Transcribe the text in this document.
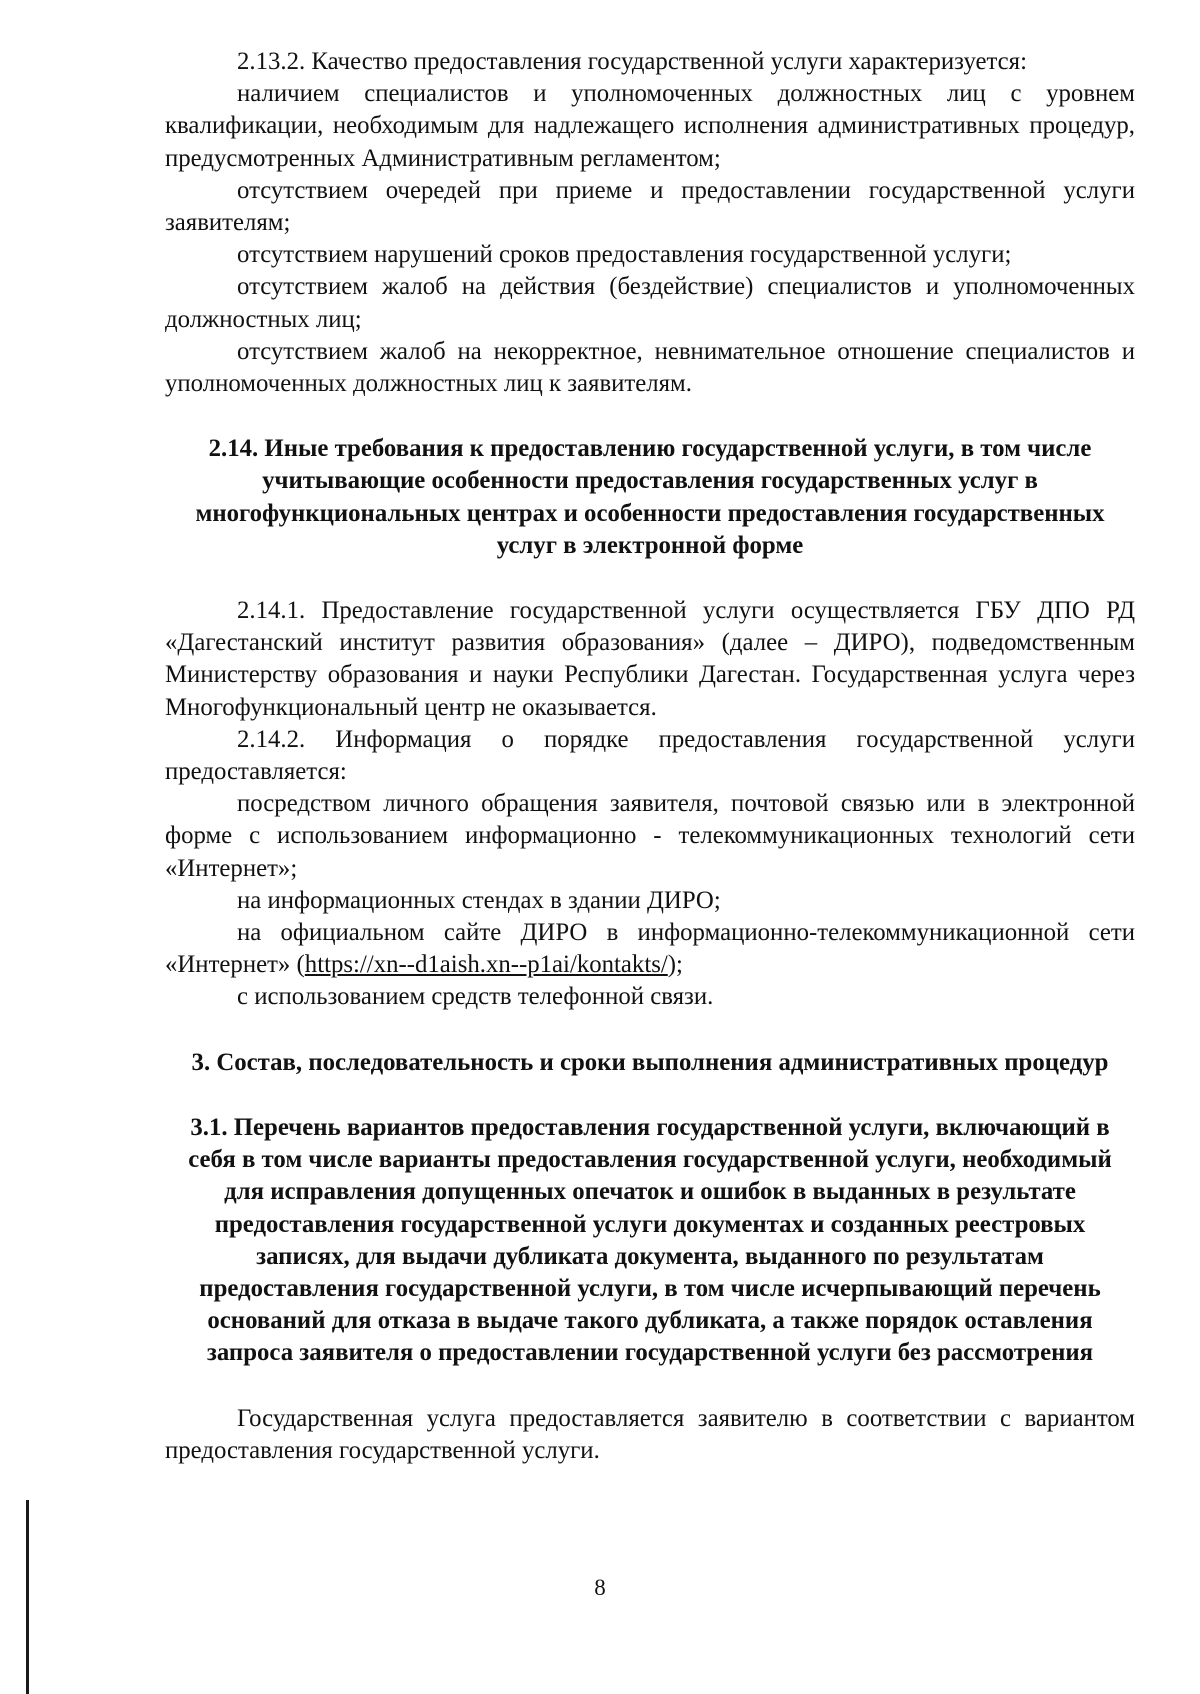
2.13.2. Качество предоставления государственной услуги характеризуется:

наличием специалистов и уполномоченных должностных лиц с уровнем квалификации, необходимым для надлежащего исполнения административных процедур, предусмотренных Административным регламентом;

отсутствием очередей при приеме и предоставлении государственной услуги заявителям;

отсутствием нарушений сроков предоставления государственной услуги;

отсутствием жалоб на действия (бездействие) специалистов и уполномоченных должностных лиц;

отсутствием жалоб на некорректное, невнимательное отношение специалистов и уполномоченных должностных лиц к заявителям.

2.14. Иные требования к предоставлению государственной услуги, в том числе учитывающие особенности предоставления государственных услуг в многофункциональных центрах и особенности предоставления государственных услуг в электронной форме

2.14.1. Предоставление государственной услуги осуществляется ГБУ ДПО РД «Дагестанский институт развития образования» (далее – ДИРО), подведомственным Министерству образования и науки Республики Дагестан. Государственная услуга через Многофункциональный центр не оказывается.

2.14.2. Информация о порядке предоставления государственной услуги предоставляется:

посредством личного обращения заявителя, почтовой связью или в электронной форме с использованием информационно - телекоммуникационных технологий сети «Интернет»;

на информационных стендах в здании ДИРО;

на официальном сайте ДИРО в информационно-телекоммуникационной сети «Интернет» (https://xn--d1aish.xn--p1ai/kontakts/);

с использованием средств телефонной связи.

3. Состав, последовательность и сроки выполнения административных процедур
3.1. Перечень вариантов предоставления государственной услуги, включающий в себя в том числе варианты предоставления государственной услуги, необходимый для исправления допущенных опечаток и ошибок в выданных в результате предоставления государственной услуги документах и созданных реестровых записях, для выдачи дубликата документа, выданного по результатам предоставления государственной услуги, в том числе исчерпывающий перечень оснований для отказа в выдаче такого дубликата, а также порядок оставления запроса заявителя о предоставлении государственной услуги без рассмотрения

Государственная услуга предоставляется заявителю в соответствии с вариантом предоставления государственной услуги.

8
